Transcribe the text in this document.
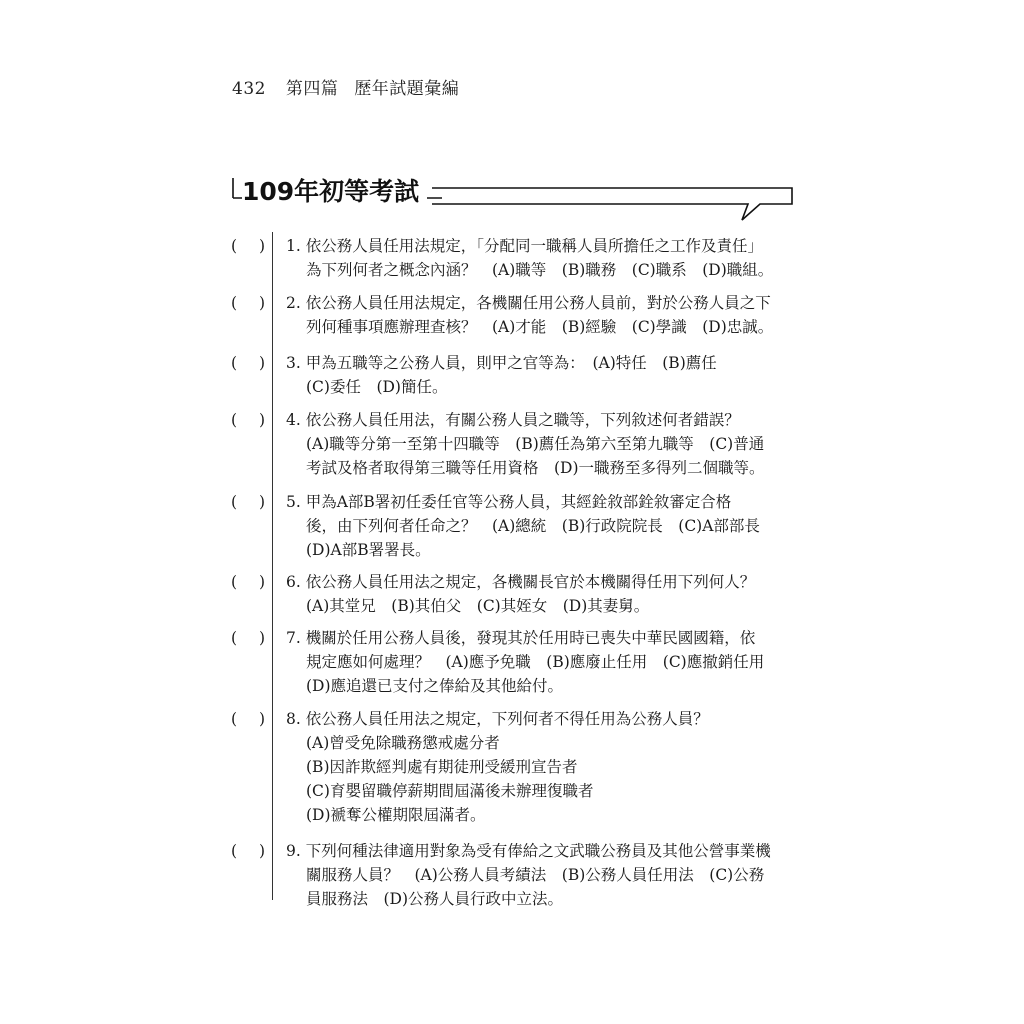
432 第四篇 歷年試題彙編
109年初等考試
( ) 1. 依公務人員任用法規定，「分配同一職稱人員所擔任之工作及責任」
為下列何者之概念內涵？　(A)職等　(B)職務　(C)職系　(D)職組。
( ) 2. 依公務人員任用法規定，各機關任用公務人員前，對於公務人員之下
列何種事項應辦理查核？　(A)才能　(B)經驗　(C)學識　(D)忠誠。
( ) 3. 甲為五職等之公務人員，則甲之官等為：　(A)特任　(B)薦任
(C)委任　(D)簡任。
( ) 4. 依公務人員任用法，有關公務人員之職等，下列敘述何者錯誤？
(A)職等分第一至第十四職等　(B)薦任為第六至第九職等　(C)普通
考試及格者取得第三職等任用資格　(D)一職務至多得列二個職等。
( ) 5. 甲為A部B署初任委任官等公務人員，其經銓敘部銓敘審定合格
後，由下列何者任命之？　(A)總統　(B)行政院院長　(C)A部部長
(D)A部B署署長。
( ) 6. 依公務人員任用法之規定，各機關長官於本機關得任用下列何人？
(A)其堂兄　(B)其伯父　(C)其姪女　(D)其妻舅。
( ) 7. 機關於任用公務人員後，發現其於任用時已喪失中華民國國籍，依
規定應如何處理？　(A)應予免職　(B)應廢止任用　(C)應撤銷任用
(D)應追還已支付之俸給及其他給付。
( ) 8. 依公務人員任用法之規定，下列何者不得任用為公務人員？
(A)曾受免除職務懲戒處分者
(B)因詐欺經判處有期徒刑受緩刑宣告者
(C)育嬰留職停薪期間屆滿後未辦理復職者
(D)褫奪公權期限屆滿者。
( ) 9. 下列何種法律適用對象為受有俸給之文武職公務員及其他公營事業機
關服務人員？　(A)公務人員考績法　(B)公務人員任用法　(C)公務
員服務法　(D)公務人員行政中立法。
